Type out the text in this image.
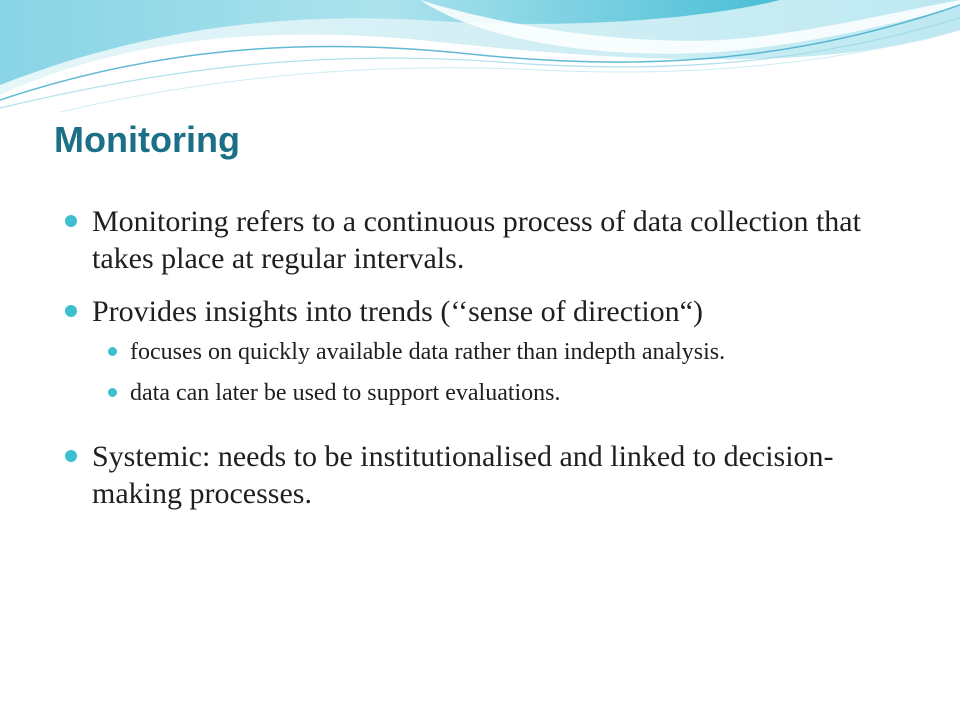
Monitoring
Monitoring refers to a continuous process of data collection that takes place at regular intervals.
Provides insights into trends (‘‘sense of direction“)
focuses on quickly available data rather than indepth analysis.
data can later be used to support evaluations.
Systemic: needs to be institutionalised and linked to decision-making processes.
